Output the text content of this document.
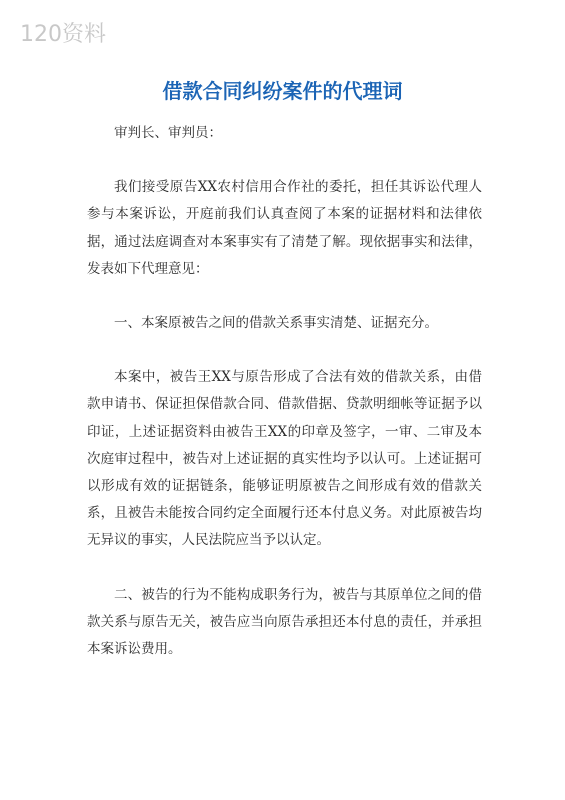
120资料
借款合同纠纷案件的代理词

审判长、审判员：

我们接受原告XX农村信用合作社的委托，担任其诉讼代理人参与本案诉讼，开庭前我们认真查阅了本案的证据材料和法律依据，通过法庭调查对本案事实有了清楚了解。现依据事实和法律，发表如下代理意见：

一、本案原被告之间的借款关系事实清楚、证据充分。

本案中，被告王XX与原告形成了合法有效的借款关系，由借款申请书、保证担保借款合同、借款借据、贷款明细帐等证据予以印证，上述证据资料由被告王XX的印章及签字，一审、二审及本次庭审过程中，被告对上述证据的真实性均予以认可。上述证据可以形成有效的证据链条，能够证明原被告之间形成有效的借款关系，且被告未能按合同约定全面履行还本付息义务。对此原被告均无异议的事实，人民法院应当予以认定。

二、被告的行为不能构成职务行为，被告与其原单位之间的借款关系与原告无关，被告应当向原告承担还本付息的责任，并承担本案诉讼费用。
